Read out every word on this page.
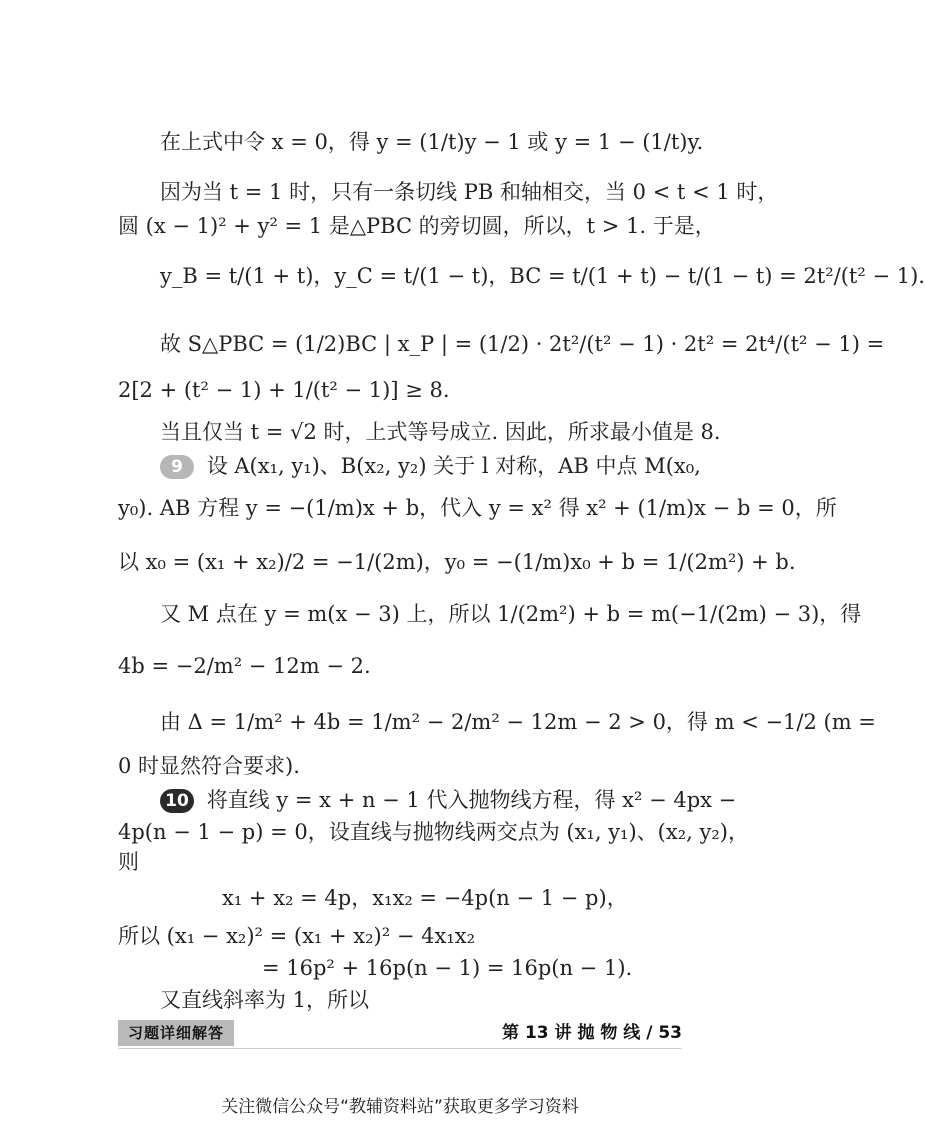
在上式中令 x = 0，得 y = (1/t)y − 1 或 y = 1 − (1/t)y.
因为当 t = 1 时，只有一条切线 PB 和轴相交，当 0 < t < 1 时，
圆 (x − 1)² + y² = 1 是△PBC 的旁切圆，所以，t > 1. 于是，
y_B = t/(1 + t)，y_C = t/(1 − t)，BC = t/(1 + t) − t/(1 − t) = 2t²/(t² − 1).
故 S△PBC = (1/2)BC | x_P | = (1/2) · 2t²/(t² − 1) · 2t² = 2t⁴/(t² − 1) =
2[2 + (t² − 1) + 1/(t² − 1)] ≥ 8.
当且仅当 t = √2 时，上式等号成立. 因此，所求最小值是 8.
9 设 A(x₁, y₁)、B(x₂, y₂) 关于 l 对称，AB 中点 M(x₀,
y₀). AB 方程 y = −(1/m)x + b，代入 y = x² 得 x² + (1/m)x − b = 0，所
以 x₀ = (x₁ + x₂)/2 = −1/(2m)，y₀ = −(1/m)x₀ + b = 1/(2m²) + b.
又 M 点在 y = m(x − 3) 上，所以 1/(2m²) + b = m(−1/(2m) − 3)，得
4b = −2/m² − 12m − 2.
由 Δ = 1/m² + 4b = 1/m² − 2/m² − 12m − 2 > 0，得 m < −1/2 (m =
0 时显然符合要求).
10 将直线 y = x + n − 1 代入抛物线方程，得 x² − 4px −
4p(n − 1 − p) = 0，设直线与抛物线两交点为 (x₁, y₁)、(x₂, y₂)，
则
x₁ + x₂ = 4p，x₁x₂ = −4p(n − 1 − p)，
所以 (x₁ − x₂)² = (x₁ + x₂)² − 4x₁x₂
= 16p² + 16p(n − 1) = 16p(n − 1).
又直线斜率为 1，所以
习题详细解答	第 13 讲 抛 物 线 / 53
关注微信公众号“教辅资料站”获取更多学习资料
